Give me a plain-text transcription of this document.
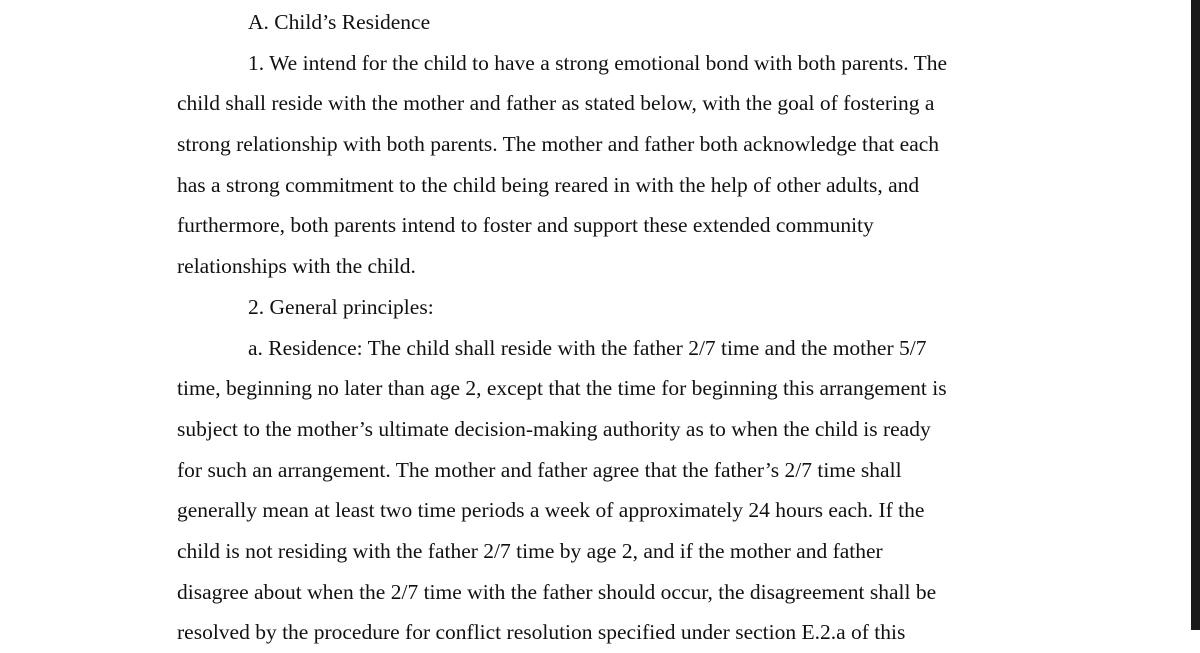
A. Child’s Residence
1. We intend for the child to have a strong emotional bond with both parents. The
child shall reside with the mother and father as stated below, with the goal of fostering a
strong relationship with both parents. The mother and father both acknowledge that each
has a strong commitment to the child being reared in with the help of other adults, and
furthermore, both parents intend to foster and support these extended community
relationships with the child.
2. General principles:
a. Residence: The child shall reside with the father 2/7 time and the mother 5/7
time, beginning no later than age 2, except that the time for beginning this arrangement is
subject to the mother’s ultimate decision-making authority as to when the child is ready
for such an arrangement. The mother and father agree that the father’s 2/7 time shall
generally mean at least two time periods a week of approximately 24 hours each. If the
child is not residing with the father 2/7 time by age 2, and if the mother and father
disagree about when the 2/7 time with the father should occur, the disagreement shall be
resolved by the procedure for conflict resolution specified under section E.2.a of this
